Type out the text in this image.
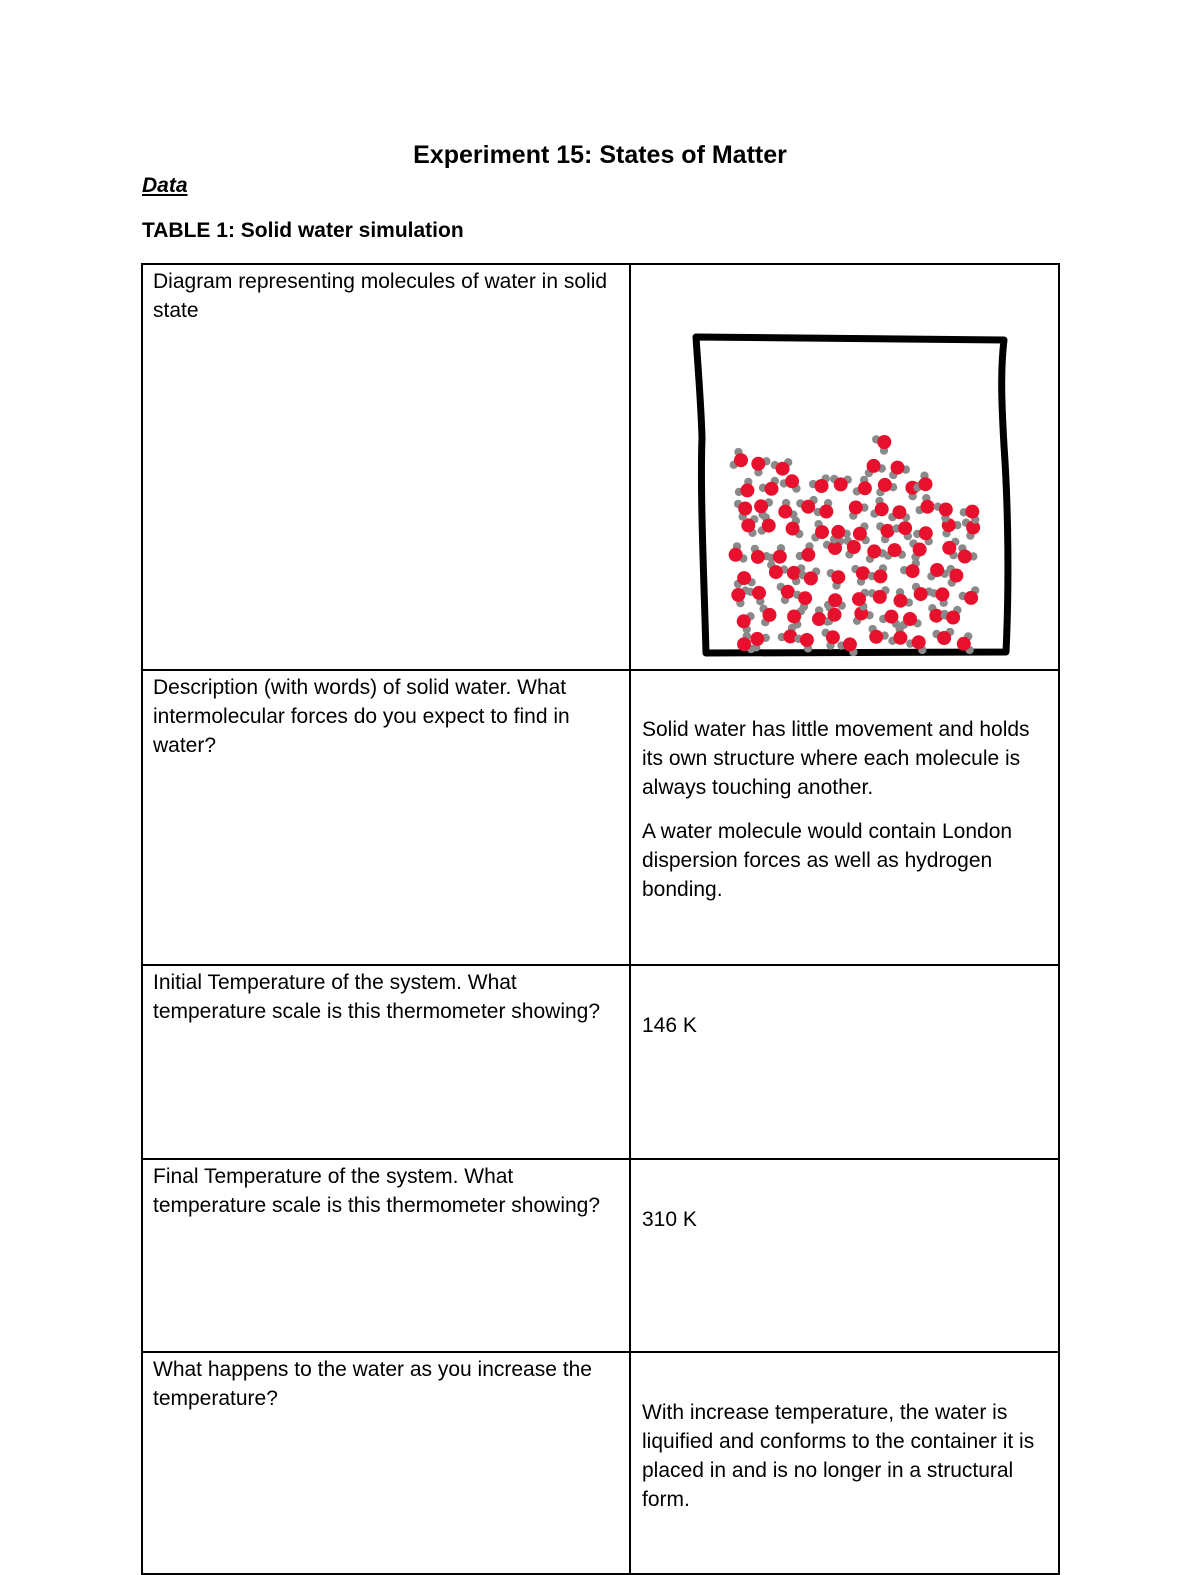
Experiment 15: States of Matter
Data
TABLE 1: Solid water simulation
Diagram representing molecules of water in solid state	

Description (with words) of solid water. What intermolecular forces do you expect to find in water?	Solid water has little movement and holds its own structure where each molecule is always touching another.

A water molecule would contain London dispersion forces as well as hydrogen bonding.

Initial Temperature of the system. What temperature scale is this thermometer showing?	146 K

Final Temperature of the system. What temperature scale is this thermometer showing?	310 K

What happens to the water as you increase the temperature?	With increase temperature, the water is liquified and conforms to the container it is placed in and is no longer in a structural form.
